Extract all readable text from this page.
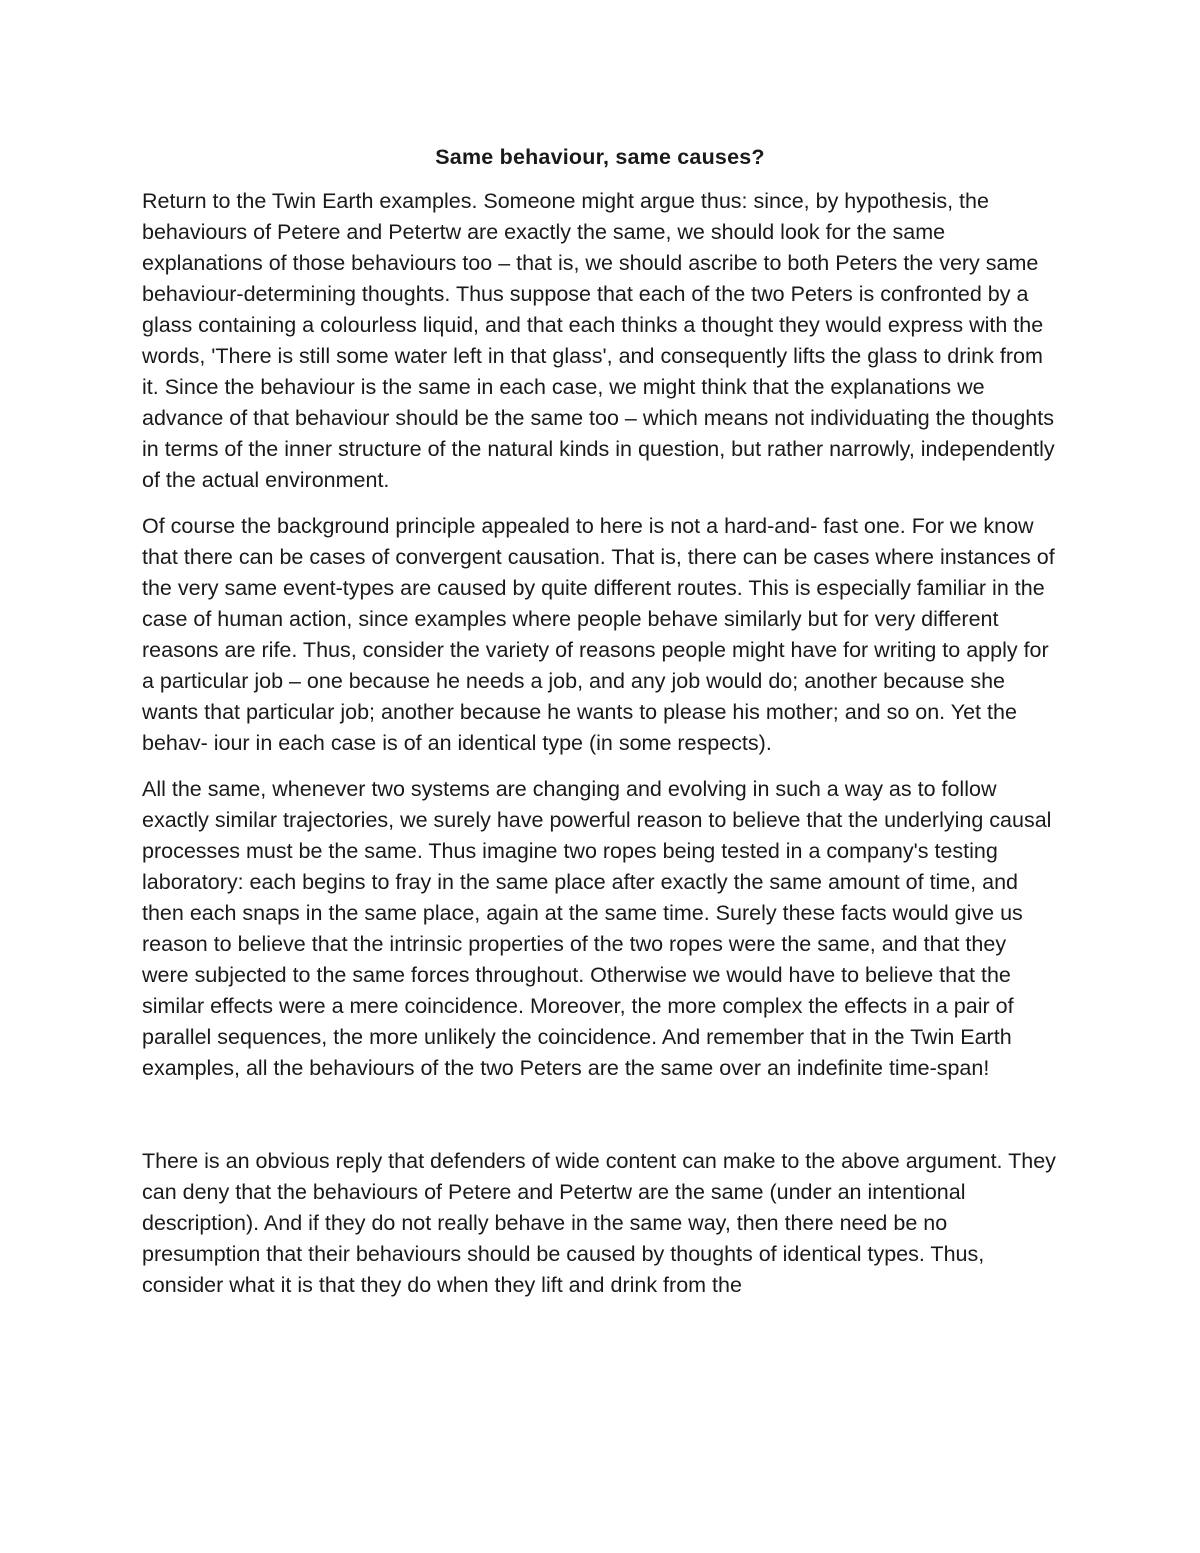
Same behaviour, same causes?

Return to the Twin Earth examples. Someone might argue thus: since, by hypothesis, the behaviours of Petere and Petertw are exactly the same, we should look for the same explanations of those behaviours too – that is, we should ascribe to both Peters the very same behaviour-determining thoughts. Thus suppose that each of the two Peters is confronted by a glass containing a colourless liquid, and that each thinks a thought they would express with the words, 'There is still some water left in that glass', and consequently lifts the glass to drink from it. Since the behaviour is the same in each case, we might think that the explanations we advance of that behaviour should be the same too – which means not individuating the thoughts in terms of the inner structure of the natural kinds in question, but rather narrowly, independently of the actual environment.

Of course the background principle appealed to here is not a hard-and- fast one. For we know that there can be cases of convergent causation. That is, there can be cases where instances of the very same event-types are caused by quite different routes. This is especially familiar in the case of human action, since examples where people behave similarly but for very different reasons are rife. Thus, consider the variety of reasons people might have for writing to apply for a particular job – one because he needs a job, and any job would do; another because she wants that particular job; another because he wants to please his mother; and so on. Yet the behav- iour in each case is of an identical type (in some respects).

All the same, whenever two systems are changing and evolving in such a way as to follow exactly similar trajectories, we surely have powerful reason to believe that the underlying causal processes must be the same. Thus imagine two ropes being tested in a company's testing laboratory: each begins to fray in the same place after exactly the same amount of time, and then each snaps in the same place, again at the same time. Surely these facts would give us reason to believe that the intrinsic properties of the two ropes were the same, and that they were subjected to the same forces throughout. Otherwise we would have to believe that the similar effects were a mere coincidence. Moreover, the more complex the effects in a pair of parallel sequences, the more unlikely the coincidence. And remember that in the Twin Earth examples, all the behaviours of the two Peters are the same over an indefinite time-span!

There is an obvious reply that defenders of wide content can make to the above argument. They can deny that the behaviours of Petere and Petertw are the same (under an intentional description). And if they do not really behave in the same way, then there need be no presumption that their behaviours should be caused by thoughts of identical types. Thus, consider what it is that they do when they lift and drink from the
